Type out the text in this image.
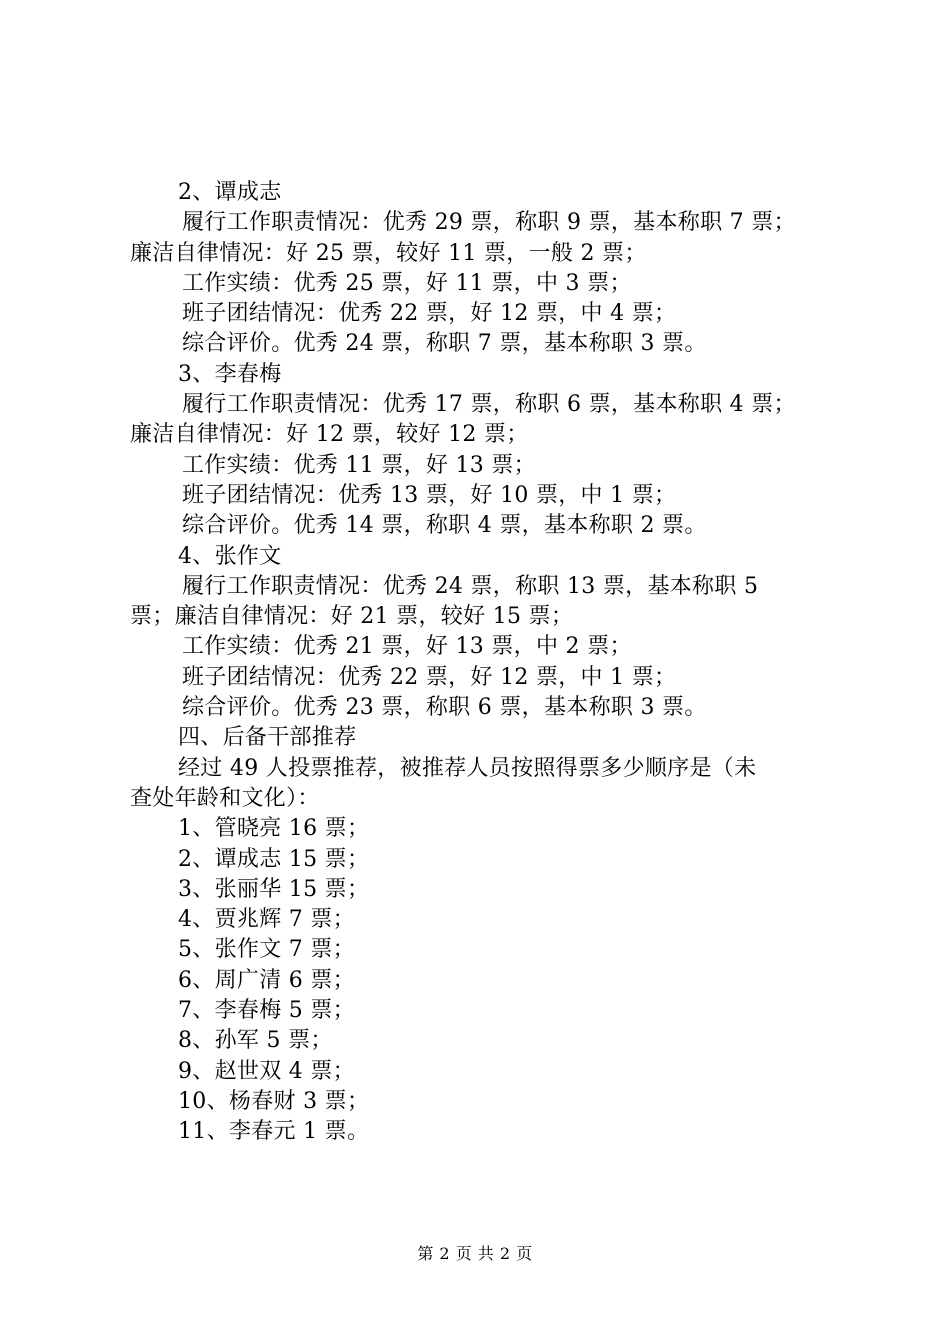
2、谭成志
履行工作职责情况：优秀 29 票，称职 9 票，基本称职 7 票；
廉洁自律情况：好 25 票，较好 11 票，一般 2 票；
工作实绩：优秀 25 票，好 11 票，中 3 票；
班子团结情况：优秀 22 票，好 12 票，中 4 票；
综合评价。优秀 24 票，称职 7 票，基本称职 3 票。
3、李春梅
履行工作职责情况：优秀 17 票，称职 6 票，基本称职 4 票；
廉洁自律情况：好 12 票，较好 12 票；
工作实绩：优秀 11 票，好 13 票；
班子团结情况：优秀 13 票，好 10 票，中 1 票；
综合评价。优秀 14 票，称职 4 票，基本称职 2 票。
4、张作文
履行工作职责情况：优秀 24 票，称职 13 票，基本称职 5
票；廉洁自律情况：好 21 票，较好 15 票；
工作实绩：优秀 21 票，好 13 票，中 2 票；
班子团结情况：优秀 22 票，好 12 票，中 1 票；
综合评价。优秀 23 票，称职 6 票，基本称职 3 票。
四、后备干部推荐
经过 49 人投票推荐，被推荐人员按照得票多少顺序是（未
查处年龄和文化）：
1、管晓亮 16 票；
2、谭成志 15 票；
3、张丽华 15 票；
4、贾兆辉 7 票；
5、张作文 7 票；
6、周广清 6 票；
7、李春梅 5 票；
8、孙军 5 票；
9、赵世双 4 票；
10、杨春财 3 票；
11、李春元 1 票。
第 2 页 共 2 页
